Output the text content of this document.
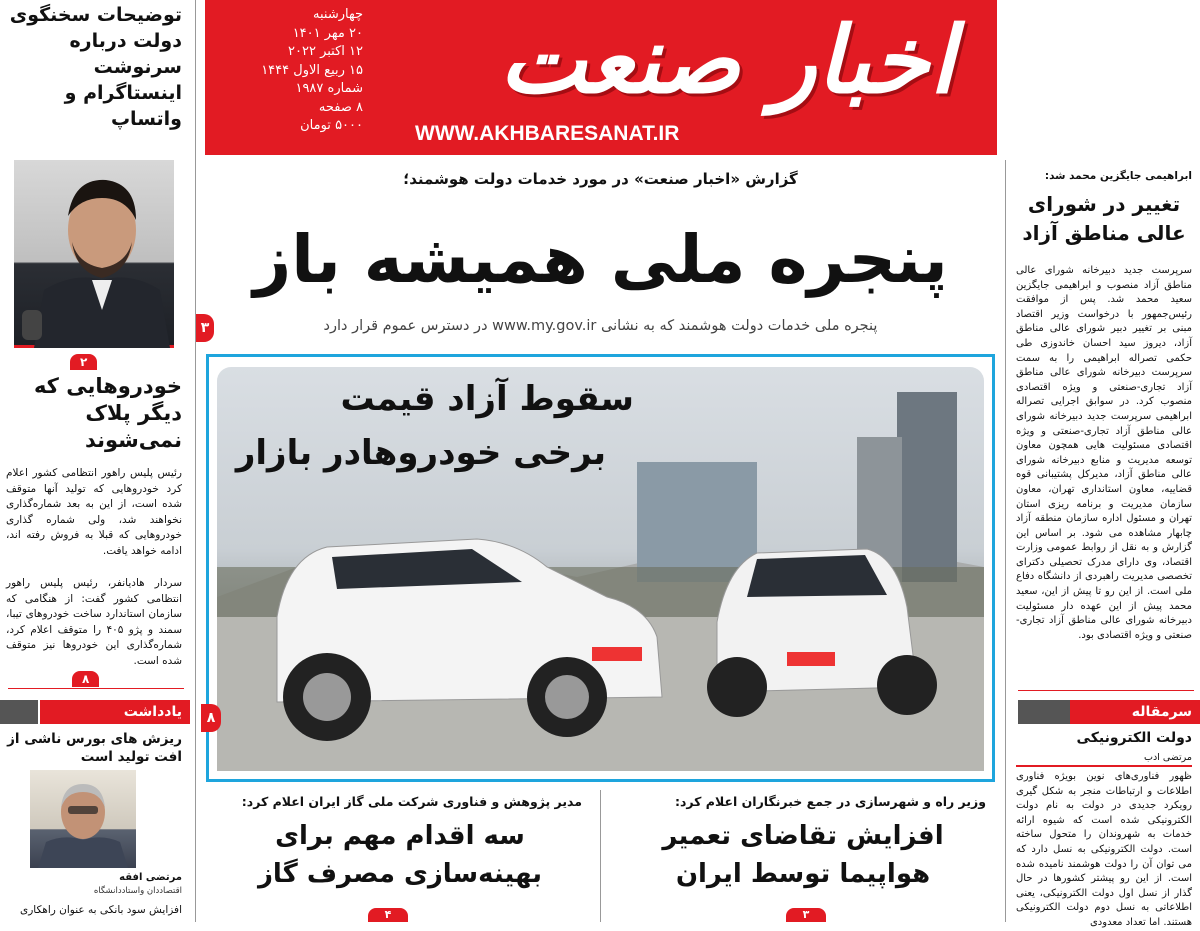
اخبار صنعت
WWW.AKHBARESANAT.IR
چهارشنبه
۲۰ مهر ۱۴۰۱
۱۲ اکتبر ۲۰۲۲
۱۵ ربیع الاول ۱۴۴۴
شماره ۱۹۸۷
۸ صفحه
۵۰۰۰ تومان
توضیحات سخنگوی دولت درباره سرنوشت اینستاگرام و واتساپ
۲
خودروهایی که دیگر پلاک نمی‌شوند
رئیس پلیس راهور انتظامی کشور اعلام کرد خودروهایی که تولید آنها متوقف شده است، از این به بعد شماره‌گذاری نخواهند شد، ولی شماره گذاری خودروهایی که قبلا به فروش رفته اند، ادامه خواهد یافت.
سردار هادیانفر، رئیس پلیس راهور انتظامی کشور گفت: از هنگامی که سازمان استاندارد ساخت خودروهای تیبا، سمند و پژو ۴۰۵ را متوقف اعلام کرد، شماره‌گذاری این خودروها نیز متوقف شده است.
۸
یادداشت
ریزش های بورس ناشی از افت تولید است
مرتضی افقه
اقتصاددان واستاددانشگاه
افزایش سود بانکی به عنوان راهکاری
گزارش «اخبار صنعت» در مورد خدمات دولت هوشمند؛
پنجره ملی همیشه باز
پنجره ملی خدمات دولت هوشمند که به نشانی www.my.gov.ir در دسترس عموم قرار دارد
۳
سقوط آزاد قیمت
برخی خودروهادر بازار
۸
وزیر راه و شهرسازی در جمع خبرنگاران اعلام کرد:
افزایش تقاضای تعمیر هواپیما توسط ایران
۳
مدیر پژوهش و فناوری شرکت ملی گاز ایران اعلام کرد:
سه اقدام مهم برای بهینه‌سازی مصرف گاز
۴
ابراهیمی جایگزین محمد شد:
تغییر در شورای عالی مناطق آزاد
سرپرست جدید دبیرخانه شورای عالی مناطق آزاد منصوب و ابراهیمی جایگزین سعید محمد شد. پس از موافقت رئیس‌جمهور با درخواست وزیر اقتصاد مبنی بر تغییر دبیر شورای عالی مناطق آزاد، دیروز سید احسان خاندوزی طی حکمی تصراله ابراهیمی را به سمت سرپرست دبیرخانه شورای عالی مناطق آزاد تجاری-صنعتی و ویژه اقتصادی منصوب کرد. در سوابق اجرایی تصراله ابراهیمی سرپرست جدید دبیرخانه شورای عالی مناطق آزاد تجاری-صنعتی و ویژه اقتصادی مسئولیت هایی همچون معاون توسعه مدیریت و منابع دبیرخانه شورای عالی مناطق آزاد، مدیرکل پشتیبانی قوه قضاییه، معاون استانداری تهران، معاون سازمان مدیریت و برنامه ریزی استان تهران و مسئول اداره سازمان منطقه آزاد چابهار مشاهده می شود. بر اساس این گزارش و به نقل از روابط عمومی وزارت اقتصاد، وی دارای مدرک تحصیلی دکترای تخصصی مدیریت راهبردی از دانشگاه دفاع ملی است. از این رو تا پیش از این، سعید محمد پیش از این عهده دار مسئولیت دبیرخانه شورای عالی مناطق آزاد تجاری-صنعتی و ویژه اقتصادی بود.
سرمقاله
دولت الکترونیکی
مرتضی ادب
ظهور فناوری‌های نوین بویژه فناوری اطلاعات و ارتباطات منجر به شکل گیری رویکرد جدیدی در دولت به نام دولت الکترونیکی شده است که شیوه ارائه خدمات به شهروندان را متحول ساخته است. دولت الکترونیکی به نسل دارد که می توان آن را دولت هوشمند نامیده شده است. از این رو پیشتر کشورها در حال گذار از نسل اول دولت الکترونیکی، یعنی اطلاعاتی به نسل دوم دولت الکترونیکی هستند. اما تعداد معدودی
